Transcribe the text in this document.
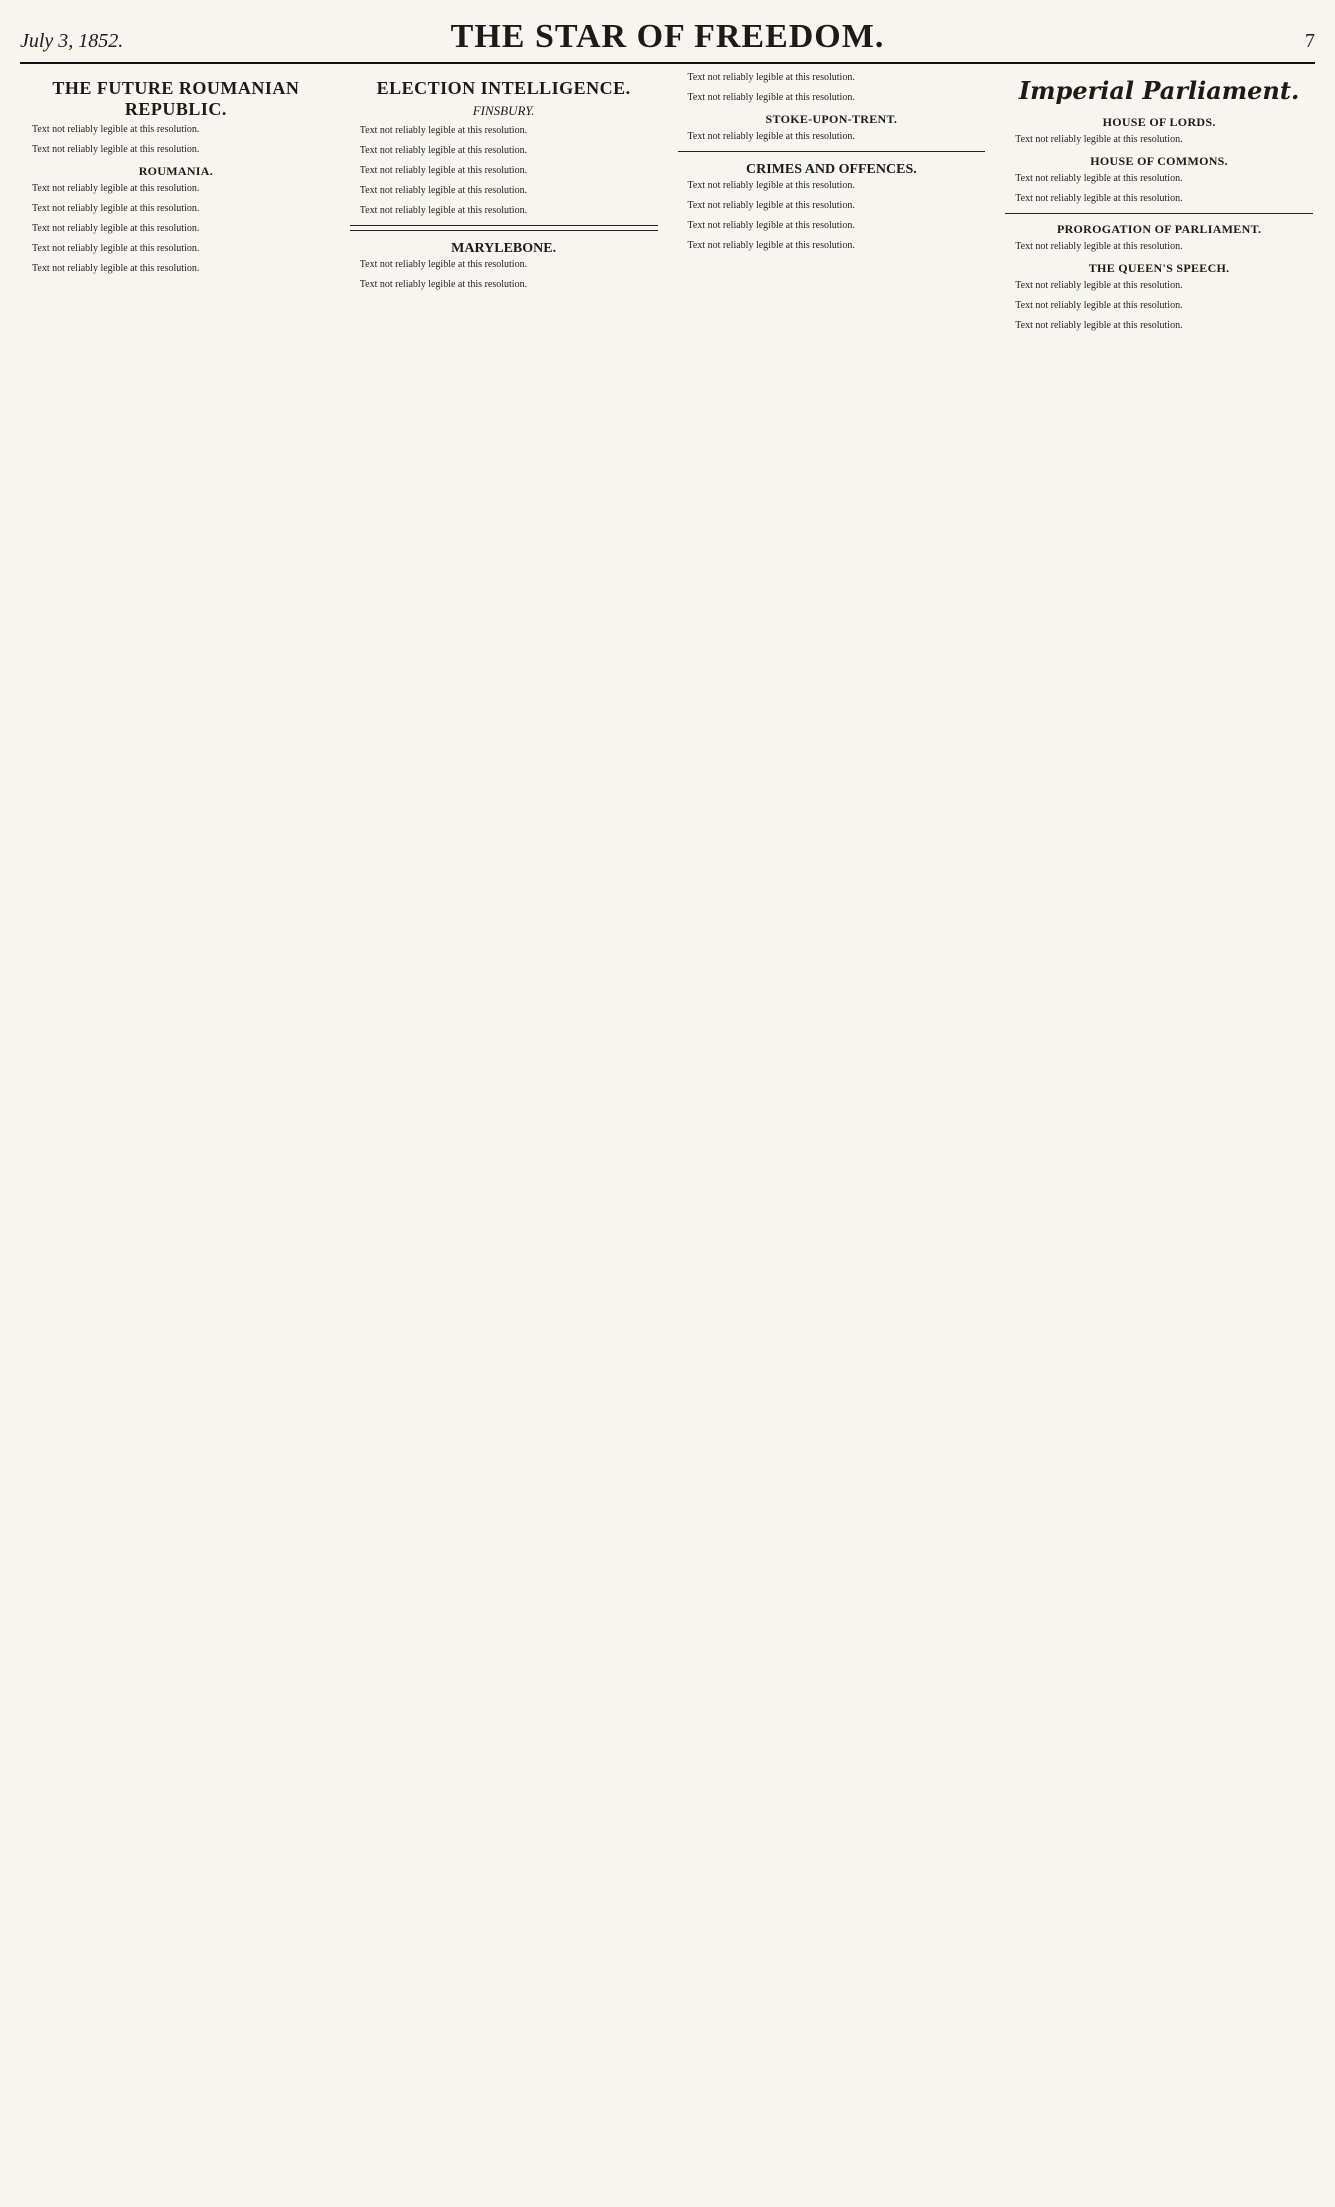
July 3, 1852.	THE STAR OF FREEDOM.	7
THE FUTURE ROUMANIAN REPUBLIC.

Text not reliably legible at this resolution.

Text not reliably legible at this resolution.

ROUMANIA.

Text not reliably legible at this resolution.

Text not reliably legible at this resolution.

Text not reliably legible at this resolution.

Text not reliably legible at this resolution.

Text not reliably legible at this resolution.

ELECTION INTELLIGENCE.
FINSBURY.

Text not reliably legible at this resolution.

Text not reliably legible at this resolution.

Text not reliably legible at this resolution.

Text not reliably legible at this resolution.

Text not reliably legible at this resolution.

MARYLEBONE.

Text not reliably legible at this resolution.

Text not reliably legible at this resolution.

Text not reliably legible at this resolution.

Text not reliably legible at this resolution.

STOKE-UPON-TRENT.

Text not reliably legible at this resolution.

CRIMES AND OFFENCES.

Text not reliably legible at this resolution.

Text not reliably legible at this resolution.

Text not reliably legible at this resolution.

Text not reliably legible at this resolution.

Imperial Parliament.
HOUSE OF LORDS.

Text not reliably legible at this resolution.

HOUSE OF COMMONS.

Text not reliably legible at this resolution.

Text not reliably legible at this resolution.

PROROGATION OF PARLIAMENT.

Text not reliably legible at this resolution.

THE QUEEN'S SPEECH.

Text not reliably legible at this resolution.

Text not reliably legible at this resolution.

Text not reliably legible at this resolution.
